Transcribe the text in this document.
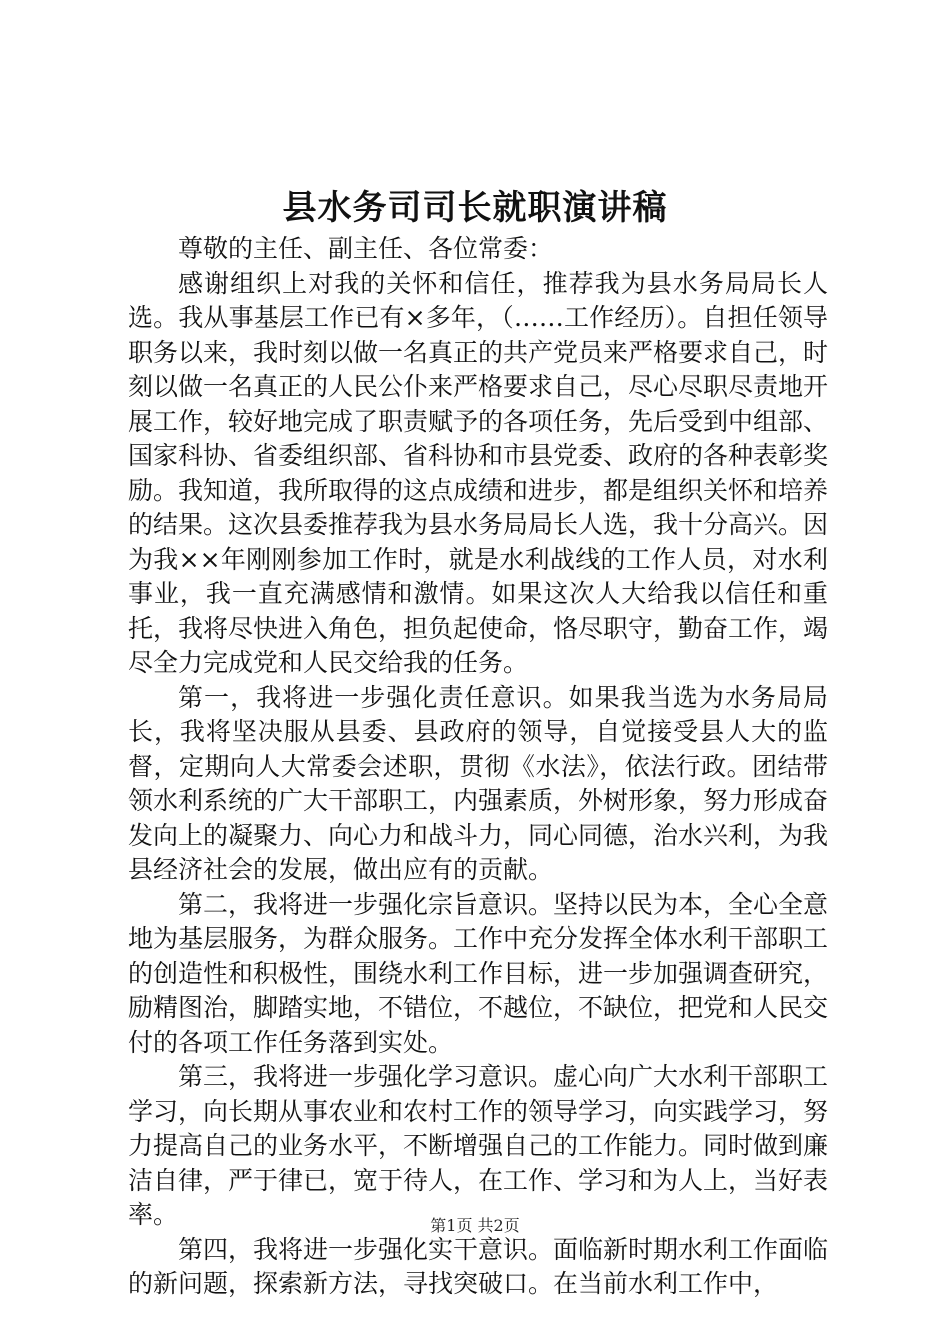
县水务司司长就职演讲稿

尊敬的主任、副主任、各位常委：

感谢组织上对我的关怀和信任，推荐我为县水务局局长人选。我从事基层工作已有×多年，（……工作经历）。自担任领导职务以来，我时刻以做一名真正的共产党员来严格要求自己，时刻以做一名真正的人民公仆来严格要求自己，尽心尽职尽责地开展工作，较好地完成了职责赋予的各项任务，先后受到中组部、国家科协、省委组织部、省科协和市县党委、政府的各种表彰奖励。我知道，我所取得的这点成绩和进步，都是组织关怀和培养的结果。这次县委推荐我为县水务局局长人选，我十分高兴。因为我××年刚刚参加工作时，就是水利战线的工作人员，对水利事业，我一直充满感情和激情。如果这次人大给我以信任和重托，我将尽快进入角色，担负起使命，恪尽职守，勤奋工作，竭尽全力完成党和人民交给我的任务。

第一，我将进一步强化责任意识。如果我当选为水务局局长，我将坚决服从县委、县政府的领导，自觉接受县人大的监督，定期向人大常委会述职，贯彻《水法》，依法行政。团结带领水利系统的广大干部职工，内强素质，外树形象，努力形成奋发向上的凝聚力、向心力和战斗力，同心同德，治水兴利，为我县经济社会的发展，做出应有的贡献。

第二，我将进一步强化宗旨意识。坚持以民为本，全心全意地为基层服务，为群众服务。工作中充分发挥全体水利干部职工的创造性和积极性，围绕水利工作目标，进一步加强调查研究，励精图治，脚踏实地，不错位，不越位，不缺位，把党和人民交付的各项工作任务落到实处。

第三，我将进一步强化学习意识。虚心向广大水利干部职工学习，向长期从事农业和农村工作的领导学习，向实践学习，努力提高自己的业务水平，不断增强自己的工作能力。同时做到廉洁自律，严于律已，宽于待人，在工作、学习和为人上，当好表率。

第四，我将进一步强化实干意识。面临新时期水利工作面临的新问题，探索新方法，寻找突破口。在当前水利工作中，

第1页 共2页
